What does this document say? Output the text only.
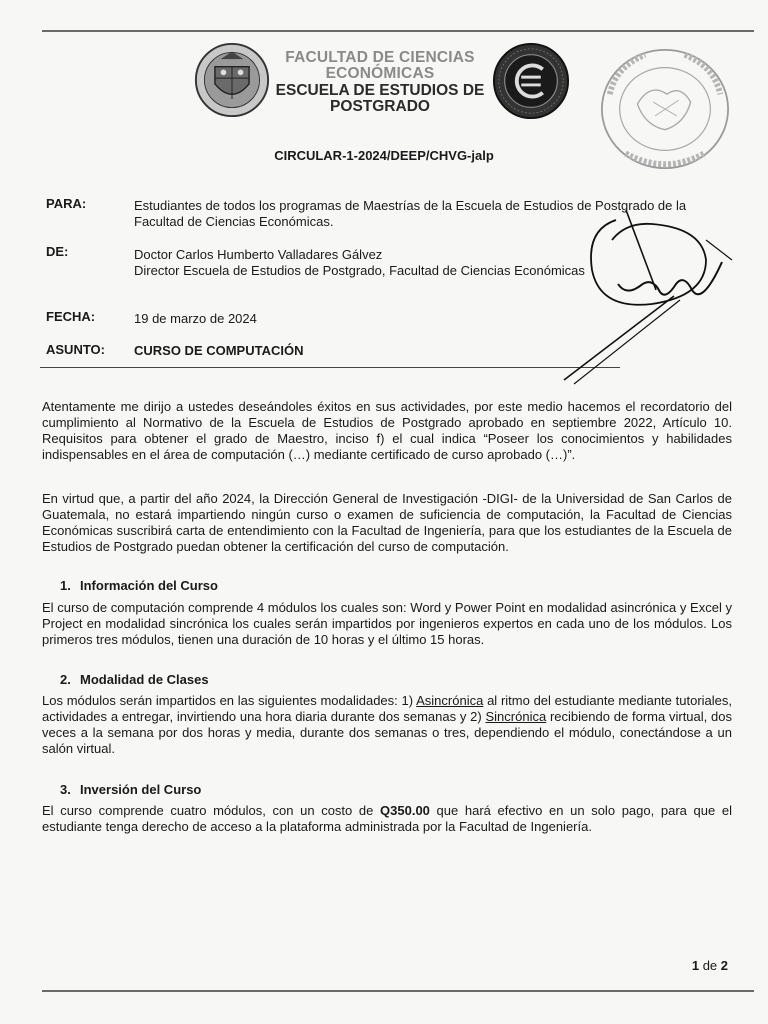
FACULTAD DE CIENCIAS
ECONÓMICAS
ESCUELA DE ESTUDIOS DE
POSTGRADO
CIRCULAR-1-2024/DEEP/CHVG-jalp
PARA:	Estudiantes de todos los programas de Maestrías de la Escuela de Estudios de Postgrado de la
Facultad de Ciencias Económicas.
DE:	Doctor Carlos Humberto Valladares Gálvez
Director Escuela de Estudios de Postgrado, Facultad de Ciencias Económicas
FECHA:	19 de marzo de 2024
ASUNTO: CURSO DE COMPUTACIÓN
Atentamente me dirijo a ustedes deseándoles éxitos en sus actividades, por este medio hacemos el recordatorio del cumplimiento al Normativo de la Escuela de Estudios de Postgrado aprobado en septiembre 2022, Artículo 10. Requisitos para obtener el grado de Maestro, inciso f) el cual indica “Poseer los conocimientos y habilidades indispensables en el área de computación (…) mediante certificado de curso aprobado (…)”.
En virtud que, a partir del año 2024, la Dirección General de Investigación -DIGI- de la Universidad de San Carlos de Guatemala, no estará impartiendo ningún curso o examen de suficiencia de computación, la Facultad de Ciencias Económicas suscribirá carta de entendimiento con la Facultad de Ingeniería, para que los estudiantes de la Escuela de Estudios de Postgrado puedan obtener la certificación del curso de computación.
1. Información del Curso
El curso de computación comprende 4 módulos los cuales son: Word y Power Point en modalidad asincrónica y Excel y Project en modalidad sincrónica los cuales serán impartidos por ingenieros expertos en cada uno de los módulos. Los primeros tres módulos, tienen una duración de 10 horas y el último 15 horas.
2. Modalidad de Clases
Los módulos serán impartidos en las siguientes modalidades: 1) Asincrónica al ritmo del estudiante mediante tutoriales, actividades a entregar, invirtiendo una hora diaria durante dos semanas y 2) Sincrónica recibiendo de forma virtual, dos veces a la semana por dos horas y media, durante dos semanas o tres, dependiendo el módulo, conectándose a un salón virtual.
3. Inversión del Curso
El curso comprende cuatro módulos, con un costo de Q350.00 que hará efectivo en un solo pago, para que el estudiante tenga derecho de acceso a la plataforma administrada por la Facultad de Ingeniería.
1 de 2
